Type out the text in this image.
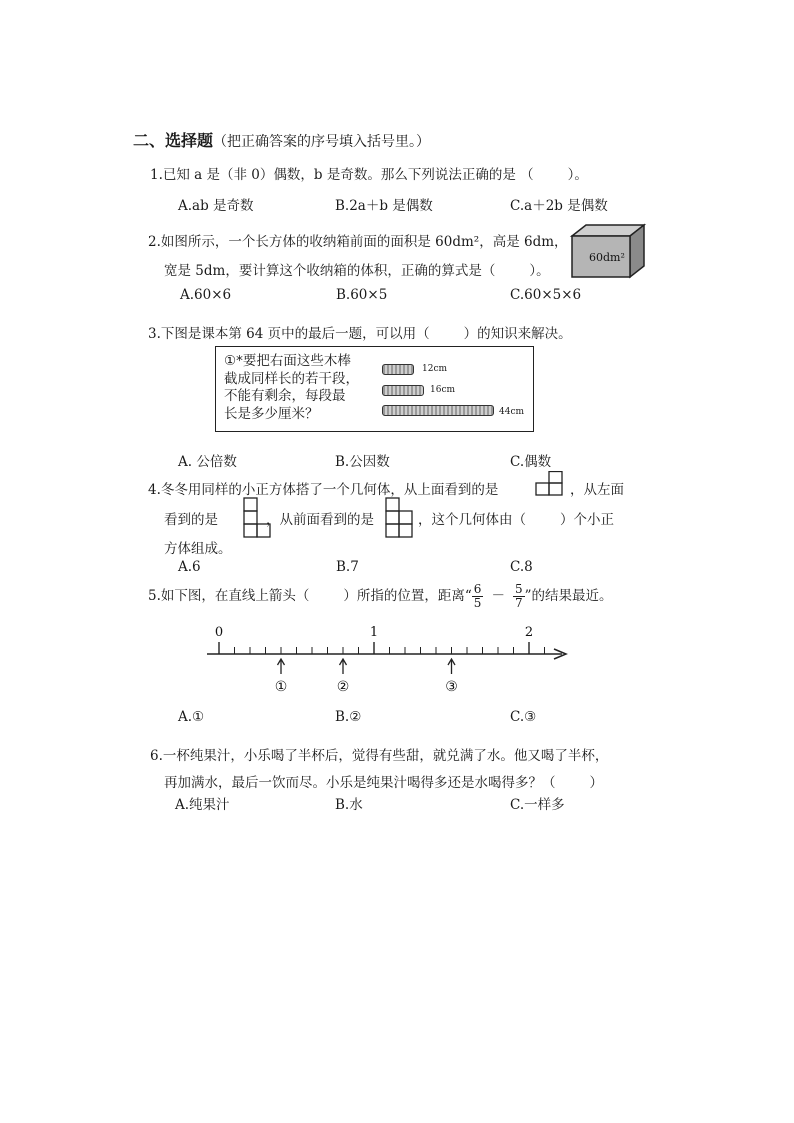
二、选择题（把正确答案的序号填入括号里。）
1.已知 a 是（非 0）偶数，b 是奇数。那么下列说法正确的是 （	）。
A.ab 是奇数	B.2a＋b 是偶数	C.a＋2b 是偶数
2.如图所示，一个长方体的收纳箱前面的面积是 60dm²，高是 6dm，
宽是 5dm，要计算这个收纳箱的体积，正确的算式是（	）。
60dm²
A.60×6	B.60×5	C.60×5×6
3.下图是课本第 64 页中的最后一题，可以用（	）的知识来解决。
①*要把右面这些木棒
截成同样长的若干段，
不能有剩余，每段最
长是多少厘米？
12cm
16cm
44cm
A. 公倍数	B.公因数	C.偶数
4.冬冬用同样的小正方体搭了一个几何体，从上面看到的是	，从左面
看到的是	，从前面看到的是	，这个几何体由（	）个小正
方体组成。
A.6	B.7	C.8
5.如下图，在直线上箭头（	）所指的位置，距离“ $\frac{6}{5} - \frac{5}{7}$ ”的结果最近。
0	1	2
①	②	③
A.①	B.②	C.③
6.一杯纯果汁，小乐喝了半杯后，觉得有些甜，就兑满了水。他又喝了半杯，
再加满水，最后一饮而尽。小乐是纯果汁喝得多还是水喝得多？（	）
A.纯果汁	B.水	C.一样多
